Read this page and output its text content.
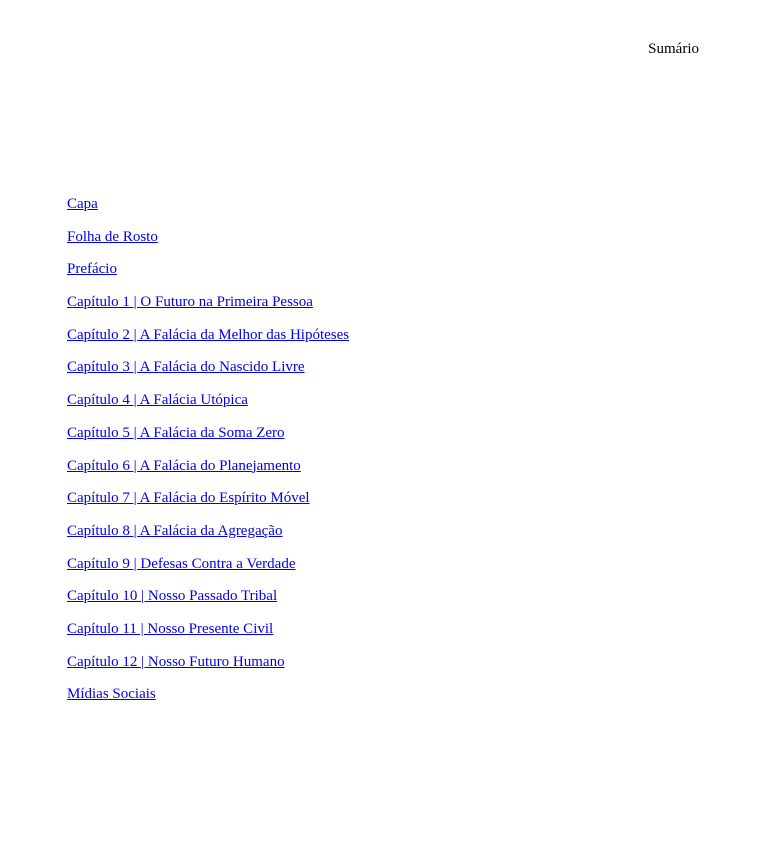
Sumário
Capa
Folha de Rosto
Prefácio
Capítulo 1 | O Futuro na Primeira Pessoa
Capítulo 2 | A Falácia da Melhor das Hipóteses
Capítulo 3 | A Falácia do Nascido Livre
Capítulo 4 | A Falácia Utópica
Capítulo 5 | A Falácia da Soma Zero
Capítulo 6 | A Falácia do Planejamento
Capítulo 7 | A Falácia do Espírito Móvel
Capítulo 8 | A Falácia da Agregação
Capítulo 9 | Defesas Contra a Verdade
Capítulo 10 | Nosso Passado Tribal
Capítulo 11 | Nosso Presente Civil
Capítulo 12 | Nosso Futuro Humano
Mídias Sociais
